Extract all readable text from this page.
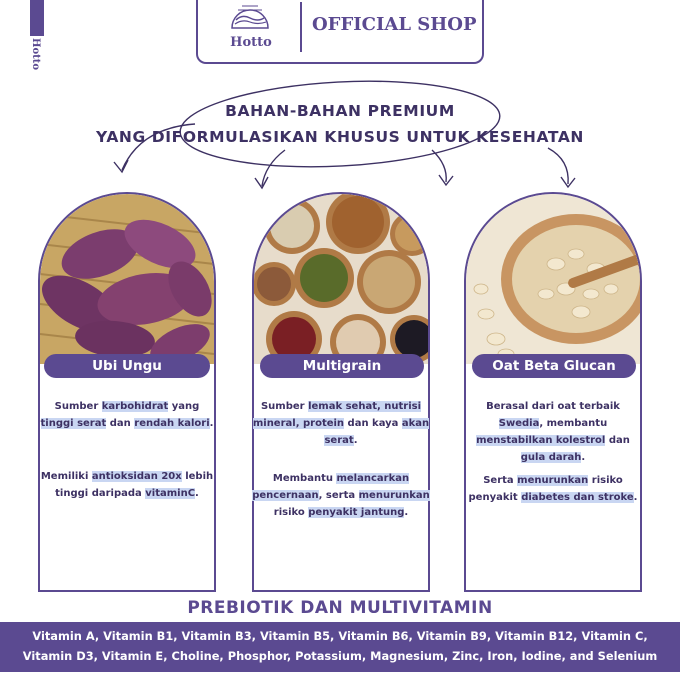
Hotto	Hotto
OFFICIAL SHOP
BAHAN-BAHAN PREMIUM
YANG DIFORMULASIKAN KHUSUS UNTUK KESEHATAN
Ubi Ungu
Sumber karbohidrat yang tinggi serat dan rendah kalori.
Memiliki antioksidan 20x lebih tinggi daripada vitaminC.
Multigrain
Sumber lemak sehat, nutrisi mineral, protein dan kaya akan serat.
Membantu melancarkan pencernaan, serta menurunkan risiko penyakit jantung.
Oat Beta Glucan
Berasal dari oat terbaik Swedia, membantu menstabilkan kolestrol dan gula darah.
Serta menurunkan risiko penyakit diabetes dan stroke.
PREBIOTIK DAN MULTIVITAMIN
Vitamin A, Vitamin B1, Vitamin B3, Vitamin B5, Vitamin B6, Vitamin B9, Vitamin B12, Vitamin C,
Vitamin D3, Vitamin E, Choline, Phosphor, Potassium, Magnesium, Zinc, Iron, Iodine, and Selenium
